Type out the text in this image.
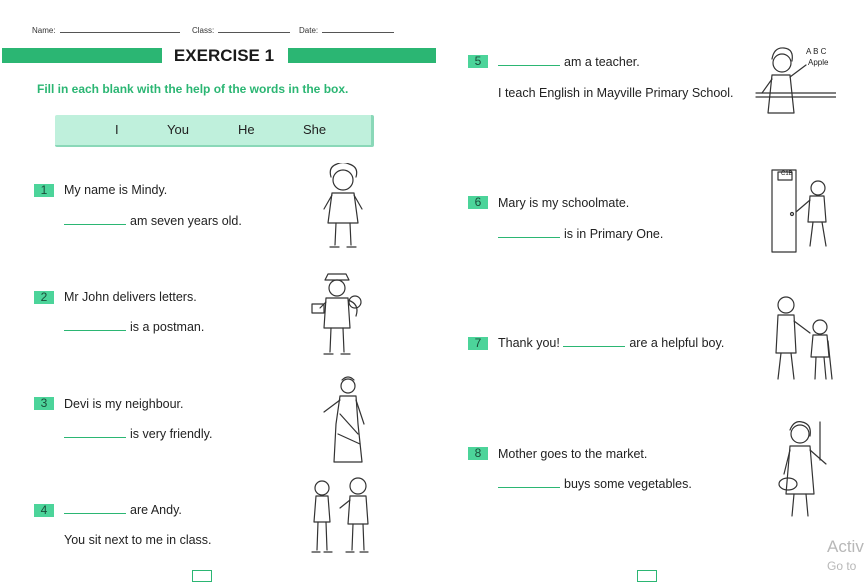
Name:	Class:	Date:
EXERCISE 1
Fill in each blank with the help of the words in the box.
I	You	He	She
1	My name is Mindy.
am seven years old.
2	Mr John delivers letters.
is a postman.
3	Devi is my neighbour.
is very friendly.
4	are Andy.
You sit next to me in class.
5	am a teacher.
I teach English in Mayville Primary School.
6	Mary is my schoolmate.
is in Primary One.
7	Thank you!	are a helpful boy.
8	Mother goes to the market.
buys some vegetables.
A B C
Apple
C1B
Activ
Go to
